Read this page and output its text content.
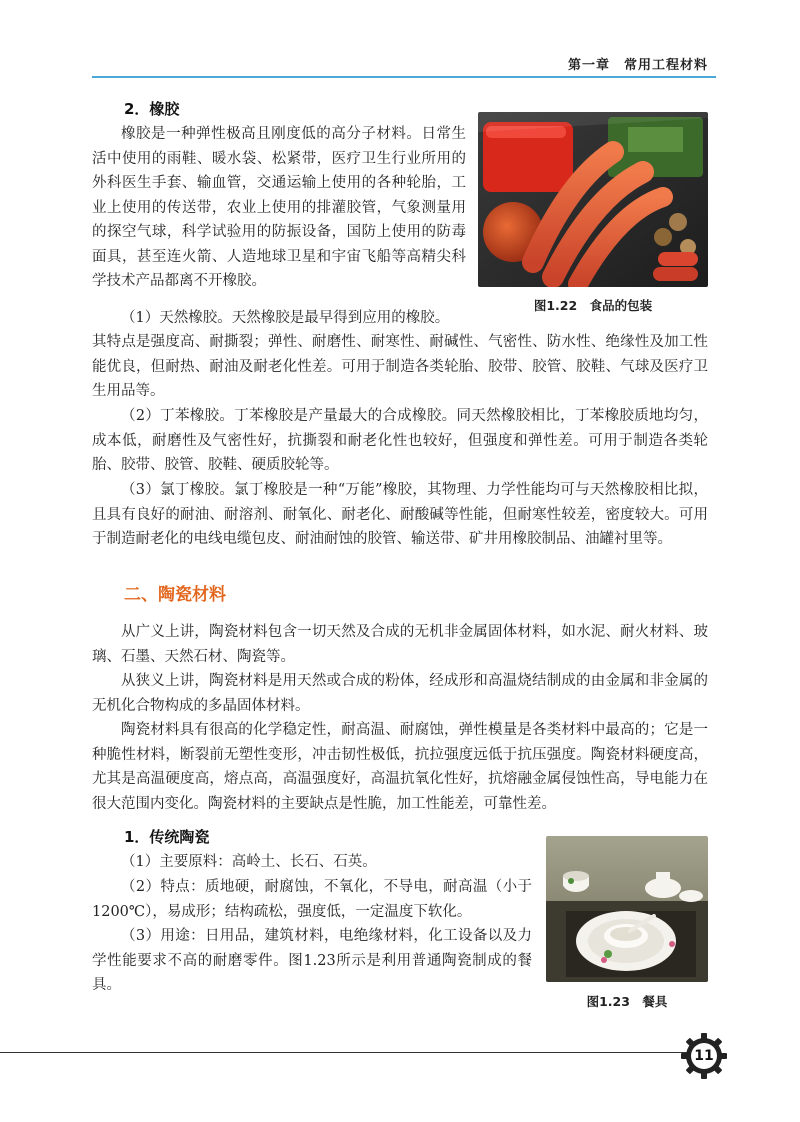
第一章　常用工程材料
2．橡胶

橡胶是一种弹性极高且刚度低的高分子材料。日常生活中使用的雨鞋、暖水袋、松紧带，医疗卫生行业所用的外科医生手套、输血管，交通运输上使用的各种轮胎，工业上使用的传送带，农业上使用的排灌胶管，气象测量用的探空气球，科学试验用的防振设备，国防上使用的防毒面具，甚至连火箭、人造地球卫星和宇宙飞船等高精尖科学技术产品都离不开橡胶。

图1.22　食品的包装

（1）天然橡胶。天然橡胶是最早得到应用的橡胶。

其特点是强度高、耐撕裂；弹性、耐磨性、耐寒性、耐碱性、气密性、防水性、绝缘性及加工性能优良，但耐热、耐油及耐老化性差。可用于制造各类轮胎、胶带、胶管、胶鞋、气球及医疗卫生用品等。

（2）丁苯橡胶。丁苯橡胶是产量最大的合成橡胶。同天然橡胶相比，丁苯橡胶质地均匀，成本低，耐磨性及气密性好，抗撕裂和耐老化性也较好，但强度和弹性差。可用于制造各类轮胎、胶带、胶管、胶鞋、硬质胶轮等。

（3）氯丁橡胶。氯丁橡胶是一种“万能”橡胶，其物理、力学性能均可与天然橡胶相比拟，且具有良好的耐油、耐溶剂、耐氧化、耐老化、耐酸碱等性能，但耐寒性较差，密度较大。可用于制造耐老化的电线电缆包皮、耐油耐蚀的胶管、输送带、矿井用橡胶制品、油罐衬里等。

二、陶瓷材料

从广义上讲，陶瓷材料包含一切天然及合成的无机非金属固体材料，如水泥、耐火材料、玻璃、石墨、天然石材、陶瓷等。

从狭义上讲，陶瓷材料是用天然或合成的粉体，经成形和高温烧结制成的由金属和非金属的无机化合物构成的多晶固体材料。

陶瓷材料具有很高的化学稳定性，耐高温、耐腐蚀，弹性模量是各类材料中最高的；它是一种脆性材料，断裂前无塑性变形，冲击韧性极低，抗拉强度远低于抗压强度。陶瓷材料硬度高，尤其是高温硬度高，熔点高，高温强度好，高温抗氧化性好，抗熔融金属侵蚀性高，导电能力在很大范围内变化。陶瓷材料的主要缺点是性脆，加工性能差，可靠性差。

1．传统陶瓷

（1）主要原料：高岭土、长石、石英。

（2）特点：质地硬，耐腐蚀，不氧化，不导电，耐高温（小于1200℃），易成形；结构疏松，强度低，一定温度下软化。

（3）用途：日用品，建筑材料，电绝缘材料，化工设备以及力学性能要求不高的耐磨零件。图1.23所示是利用普通陶瓷制成的餐具。

图1.23　餐具
11
